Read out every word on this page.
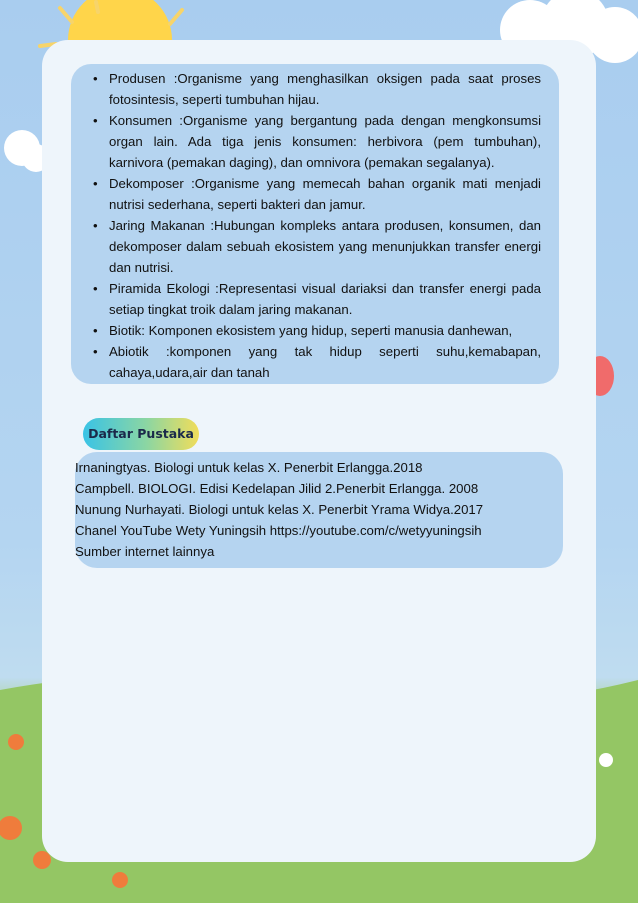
• Produsen :Organisme yang menghasilkan oksigen pada saat proses fotosintesis, seperti tumbuhan hijau.
• Konsumen :Organisme yang bergantung pada dengan mengkonsumsi organ lain. Ada tiga jenis konsumen: herbivora (pem tumbuhan), karnivora (pemakan daging), dan omnivora (pemakan segalanya).
• Dekomposer :Organisme yang memecah bahan organik mati menjadi nutrisi sederhana, seperti bakteri dan jamur.
• Jaring Makanan :Hubungan kompleks antara produsen, konsumen, dan dekomposer dalam sebuah ekosistem yang menunjukkan transfer energi dan nutrisi.
• Piramida Ekologi :Representasi visual dariaksi dan transfer energi pada setiap tingkat troik dalam jaring makanan.
• Biotik: Komponen ekosistem yang hidup, seperti manusia danhewan,
• Abiotik :komponen yang tak hidup seperti suhu,kemabapan, cahaya,udara,air dan tanah
Daftar Pustaka

Irnaningtyas. Biologi untuk kelas X. Penerbit Erlangga.2018
Campbell. BIOLOGI. Edisi Kedelapan Jilid 2.Penerbit Erlangga. 2008
Nunung Nurhayati. Biologi untuk kelas X. Penerbit Yrama Widya.2017
Chanel YouTube Wety Yuningsih https://youtube.com/c/wetyyuningsih
Sumber internet lainnya
